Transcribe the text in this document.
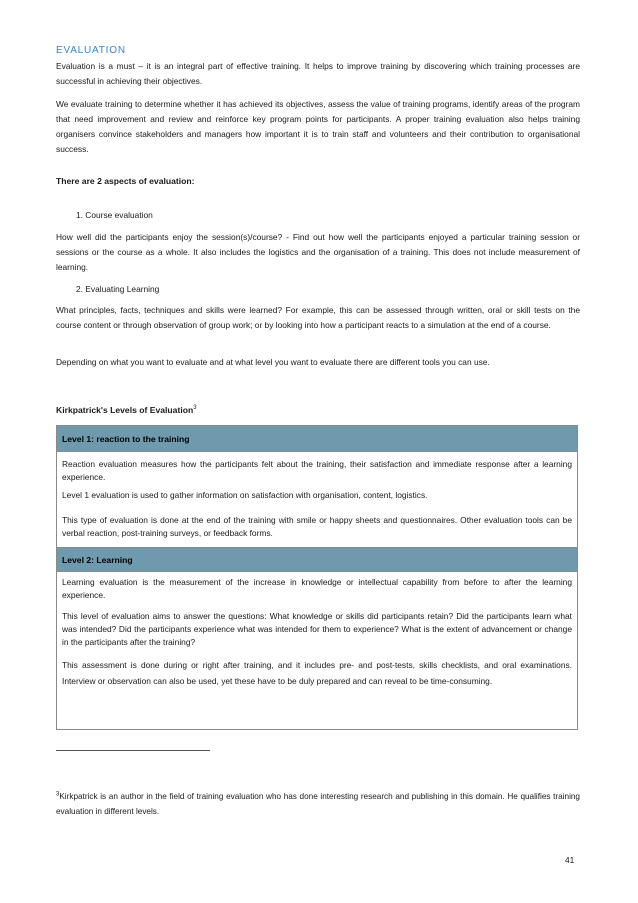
EVALUATION

Evaluation is a must – it is an integral part of effective training. It helps to improve training by discovering which training processes are successful in achieving their objectives.

We evaluate training to determine whether it has achieved its objectives, assess the value of training programs, identify areas of the program that need improvement and review and reinforce key program points for participants. A proper training evaluation also helps training organisers convince stakeholders and managers how important it is to train staff and volunteers and their contribution to organisational success.

There are 2 aspects of evaluation:
1. Course evaluation

How well did the participants enjoy the session(s)/course? - Find out how well the participants enjoyed a particular training session or sessions or the course as a whole. It also includes the logistics and the organisation of a training. This does not include measurement of learning.

2. Evaluating Learning

What principles, facts, techniques and skills were learned? For example, this can be assessed through written, oral or skill tests on the course content or through observation of group work; or by looking into how a participant reacts to a simulation at the end of a course.

Depending on what you want to evaluate and at what level you want to evaluate there are different tools you can use.

Kirkpatrick's Levels of Evaluation$^3$
Level 1: reaction to the training

Reaction evaluation measures how the participants felt about the training, their satisfaction and immediate response after a learning experience.

Level 1 evaluation is used to gather information on satisfaction with organisation, content, logistics.

This type of evaluation is done at the end of the training with smile or happy sheets and questionnaires. Other evaluation tools can be verbal reaction, post-training surveys, or feedback forms.

Level 2: Learning

Learning evaluation is the measurement of the increase in knowledge or intellectual capability from before to after the learning experience.

This level of evaluation aims to answer the questions: What knowledge or skills did participants retain? Did the participants learn what was intended? Did the participants experience what was intended for them to experience? What is the extent of advancement or change in the participants after the training?

This assessment is done during or right after training, and it includes pre- and post-tests, skills checklists, and oral examinations. Interview or observation can also be used, yet these have to be duly prepared and can reveal to be time-consuming.

$^3$Kirkpatrick is an author in the field of training evaluation who has done interesting research and publishing in this domain. He qualifies training evaluation in different levels.

41
